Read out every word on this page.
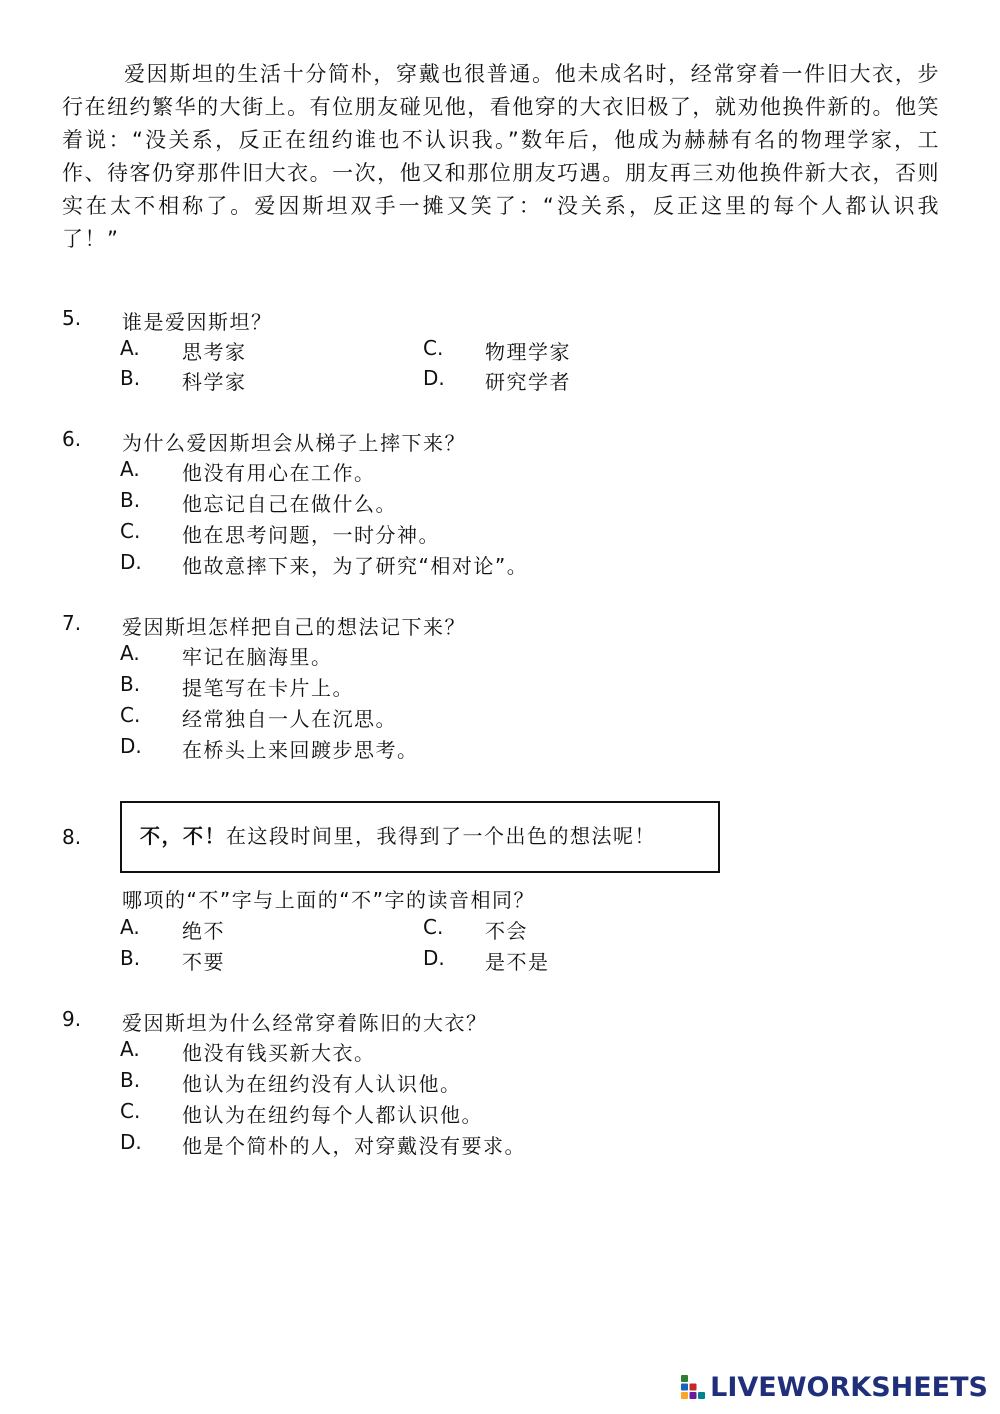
爱因斯坦的生活十分简朴，穿戴也很普通。他未成名时，经常穿着一件旧大衣，步行在纽约繁华的大街上。有位朋友碰见他，看他穿的大衣旧极了，就劝他换件新的。他笑着说：“没关系，反正在纽约谁也不认识我。”数年后，他成为赫赫有名的物理学家，工作、待客仍穿那件旧大衣。一次，他又和那位朋友巧遇。朋友再三劝他换件新大衣，否则实在太不相称了。爱因斯坦双手一摊又笑了：“没关系，反正这里的每个人都认识我了！”

5. 谁是爱因斯坦？
A. 思考家
B. 科学家
C. 物理学家
D. 研究学者
6. 为什么爱因斯坦会从梯子上摔下来？
A. 他没有用心在工作。
B. 他忘记自己在做什么。
C. 他在思考问题，一时分神。
D. 他故意摔下来，为了研究“相对论”。
7. 爱因斯坦怎样把自己的想法记下来？
A. 牢记在脑海里。
B. 提笔写在卡片上。
C. 经常独自一人在沉思。
D. 在桥头上来回踱步思考。
8.	不，不！在这段时间里，我得到了一个出色的想法呢！
哪项的“不”字与上面的“不”字的读音相同？
A. 绝不
B. 不要
C. 不会
D. 是不是
9. 爱因斯坦为什么经常穿着陈旧的大衣？
A. 他没有钱买新大衣。
B. 他认为在纽约没有人认识他。
C. 他认为在纽约每个人都认识他。
D. 他是个简朴的人，对穿戴没有要求。
LIVEWORKSHEETS
